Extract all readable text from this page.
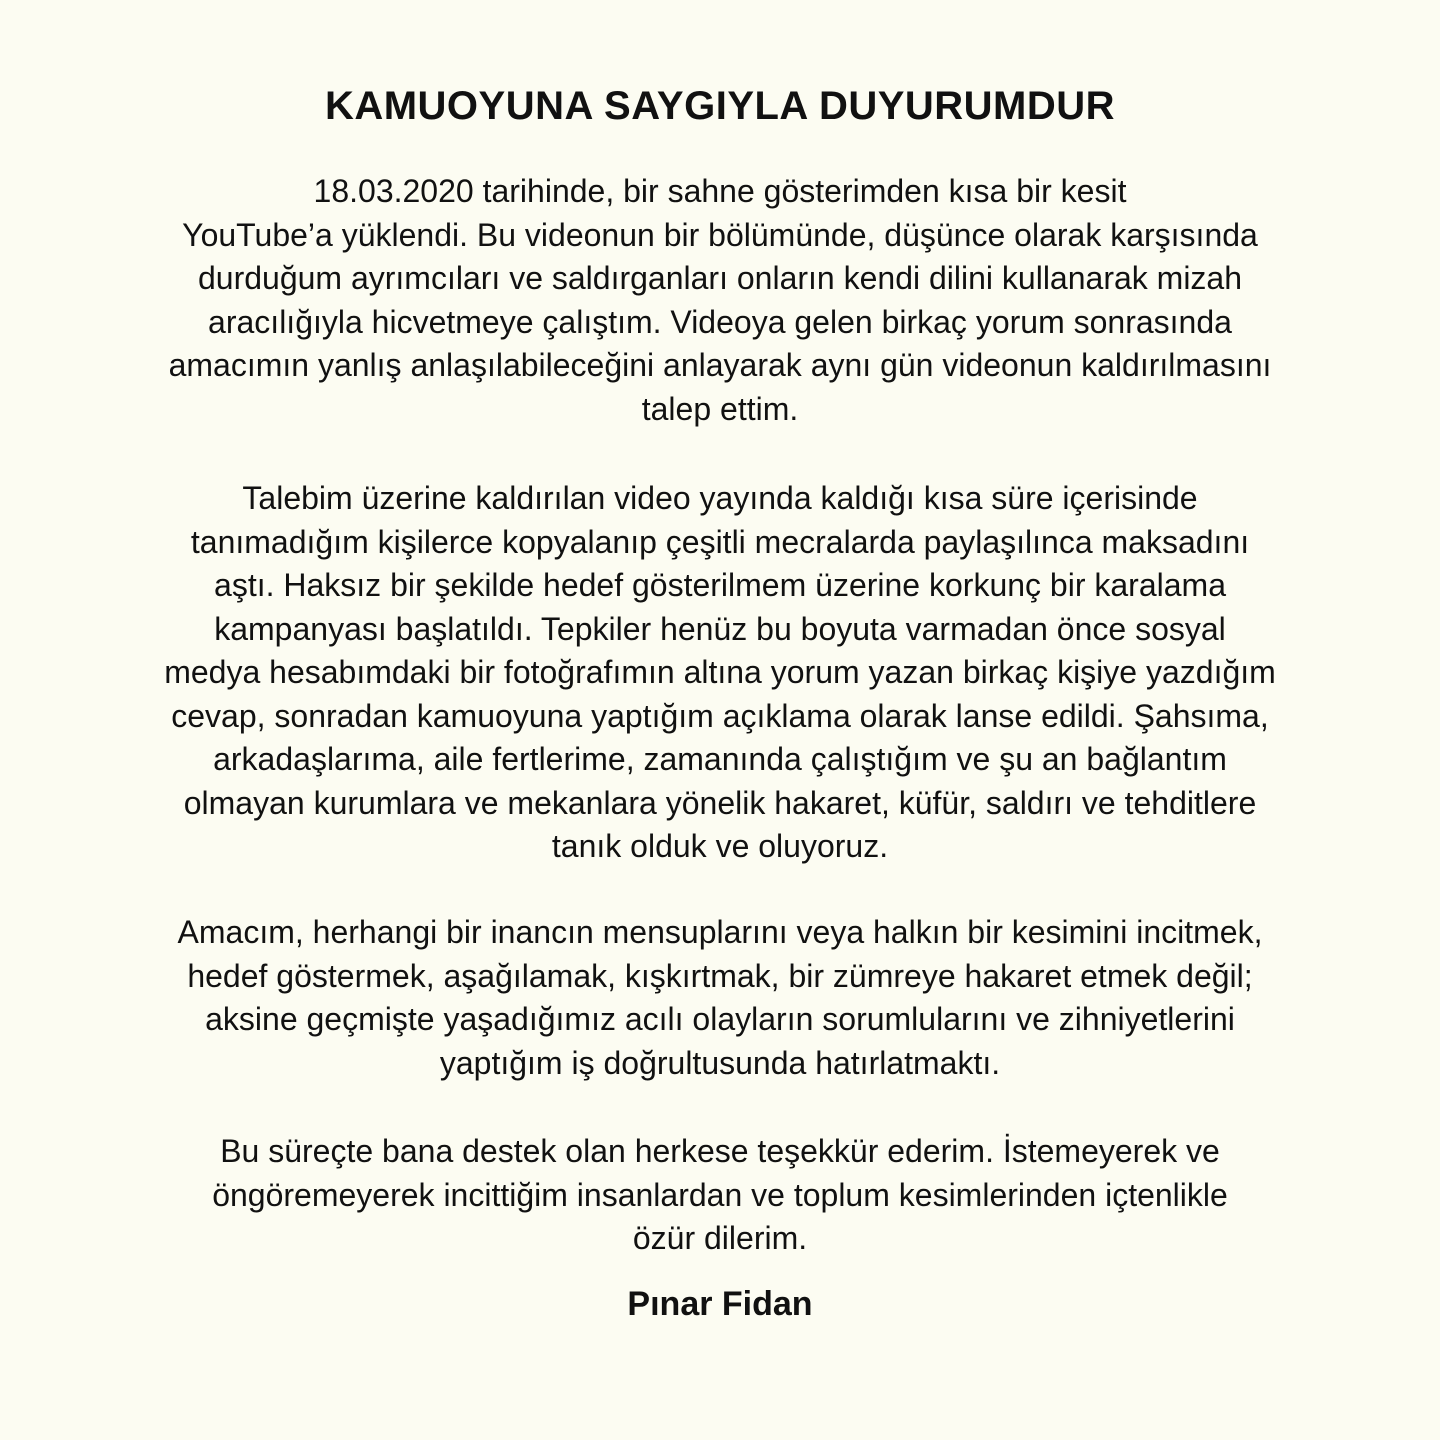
KAMUOYUNA SAYGIYLA DUYURUMDUR

18.03.2020 tarihinde, bir sahne gösterimden kısa bir kesit
YouTube’a yüklendi. Bu videonun bir bölümünde, düşünce olarak karşısında
durduğum ayrımcıları ve saldırganları onların kendi dilini kullanarak mizah
aracılığıyla hicvetmeye çalıştım. Videoya gelen birkaç yorum sonrasında
amacımın yanlış anlaşılabileceğini anlayarak aynı gün videonun kaldırılmasını
talep ettim.

Talebim üzerine kaldırılan video yayında kaldığı kısa süre içerisinde
tanımadığım kişilerce kopyalanıp çeşitli mecralarda paylaşılınca maksadını
aştı. Haksız bir şekilde hedef gösterilmem üzerine korkunç bir karalama
kampanyası başlatıldı. Tepkiler henüz bu boyuta varmadan önce sosyal
medya hesabımdaki bir fotoğrafımın altına yorum yazan birkaç kişiye yazdığım
cevap, sonradan kamuoyuna yaptığım açıklama olarak lanse edildi. Şahsıma,
arkadaşlarıma, aile fertlerime, zamanında çalıştığım ve şu an bağlantım
olmayan kurumlara ve mekanlara yönelik hakaret, küfür, saldırı ve tehditlere
tanık olduk ve oluyoruz.

Amacım, herhangi bir inancın mensuplarını veya halkın bir kesimini incitmek,
hedef göstermek, aşağılamak, kışkırtmak, bir zümreye hakaret etmek değil;
aksine geçmişte yaşadığımız acılı olayların sorumlularını ve zihniyetlerini
yaptığım iş doğrultusunda hatırlatmaktı.

Bu süreçte bana destek olan herkese teşekkür ederim. İstemeyerek ve
öngöremeyerek incittiğim insanlardan ve toplum kesimlerinden içtenlikle
özür dilerim.

Pınar Fidan
